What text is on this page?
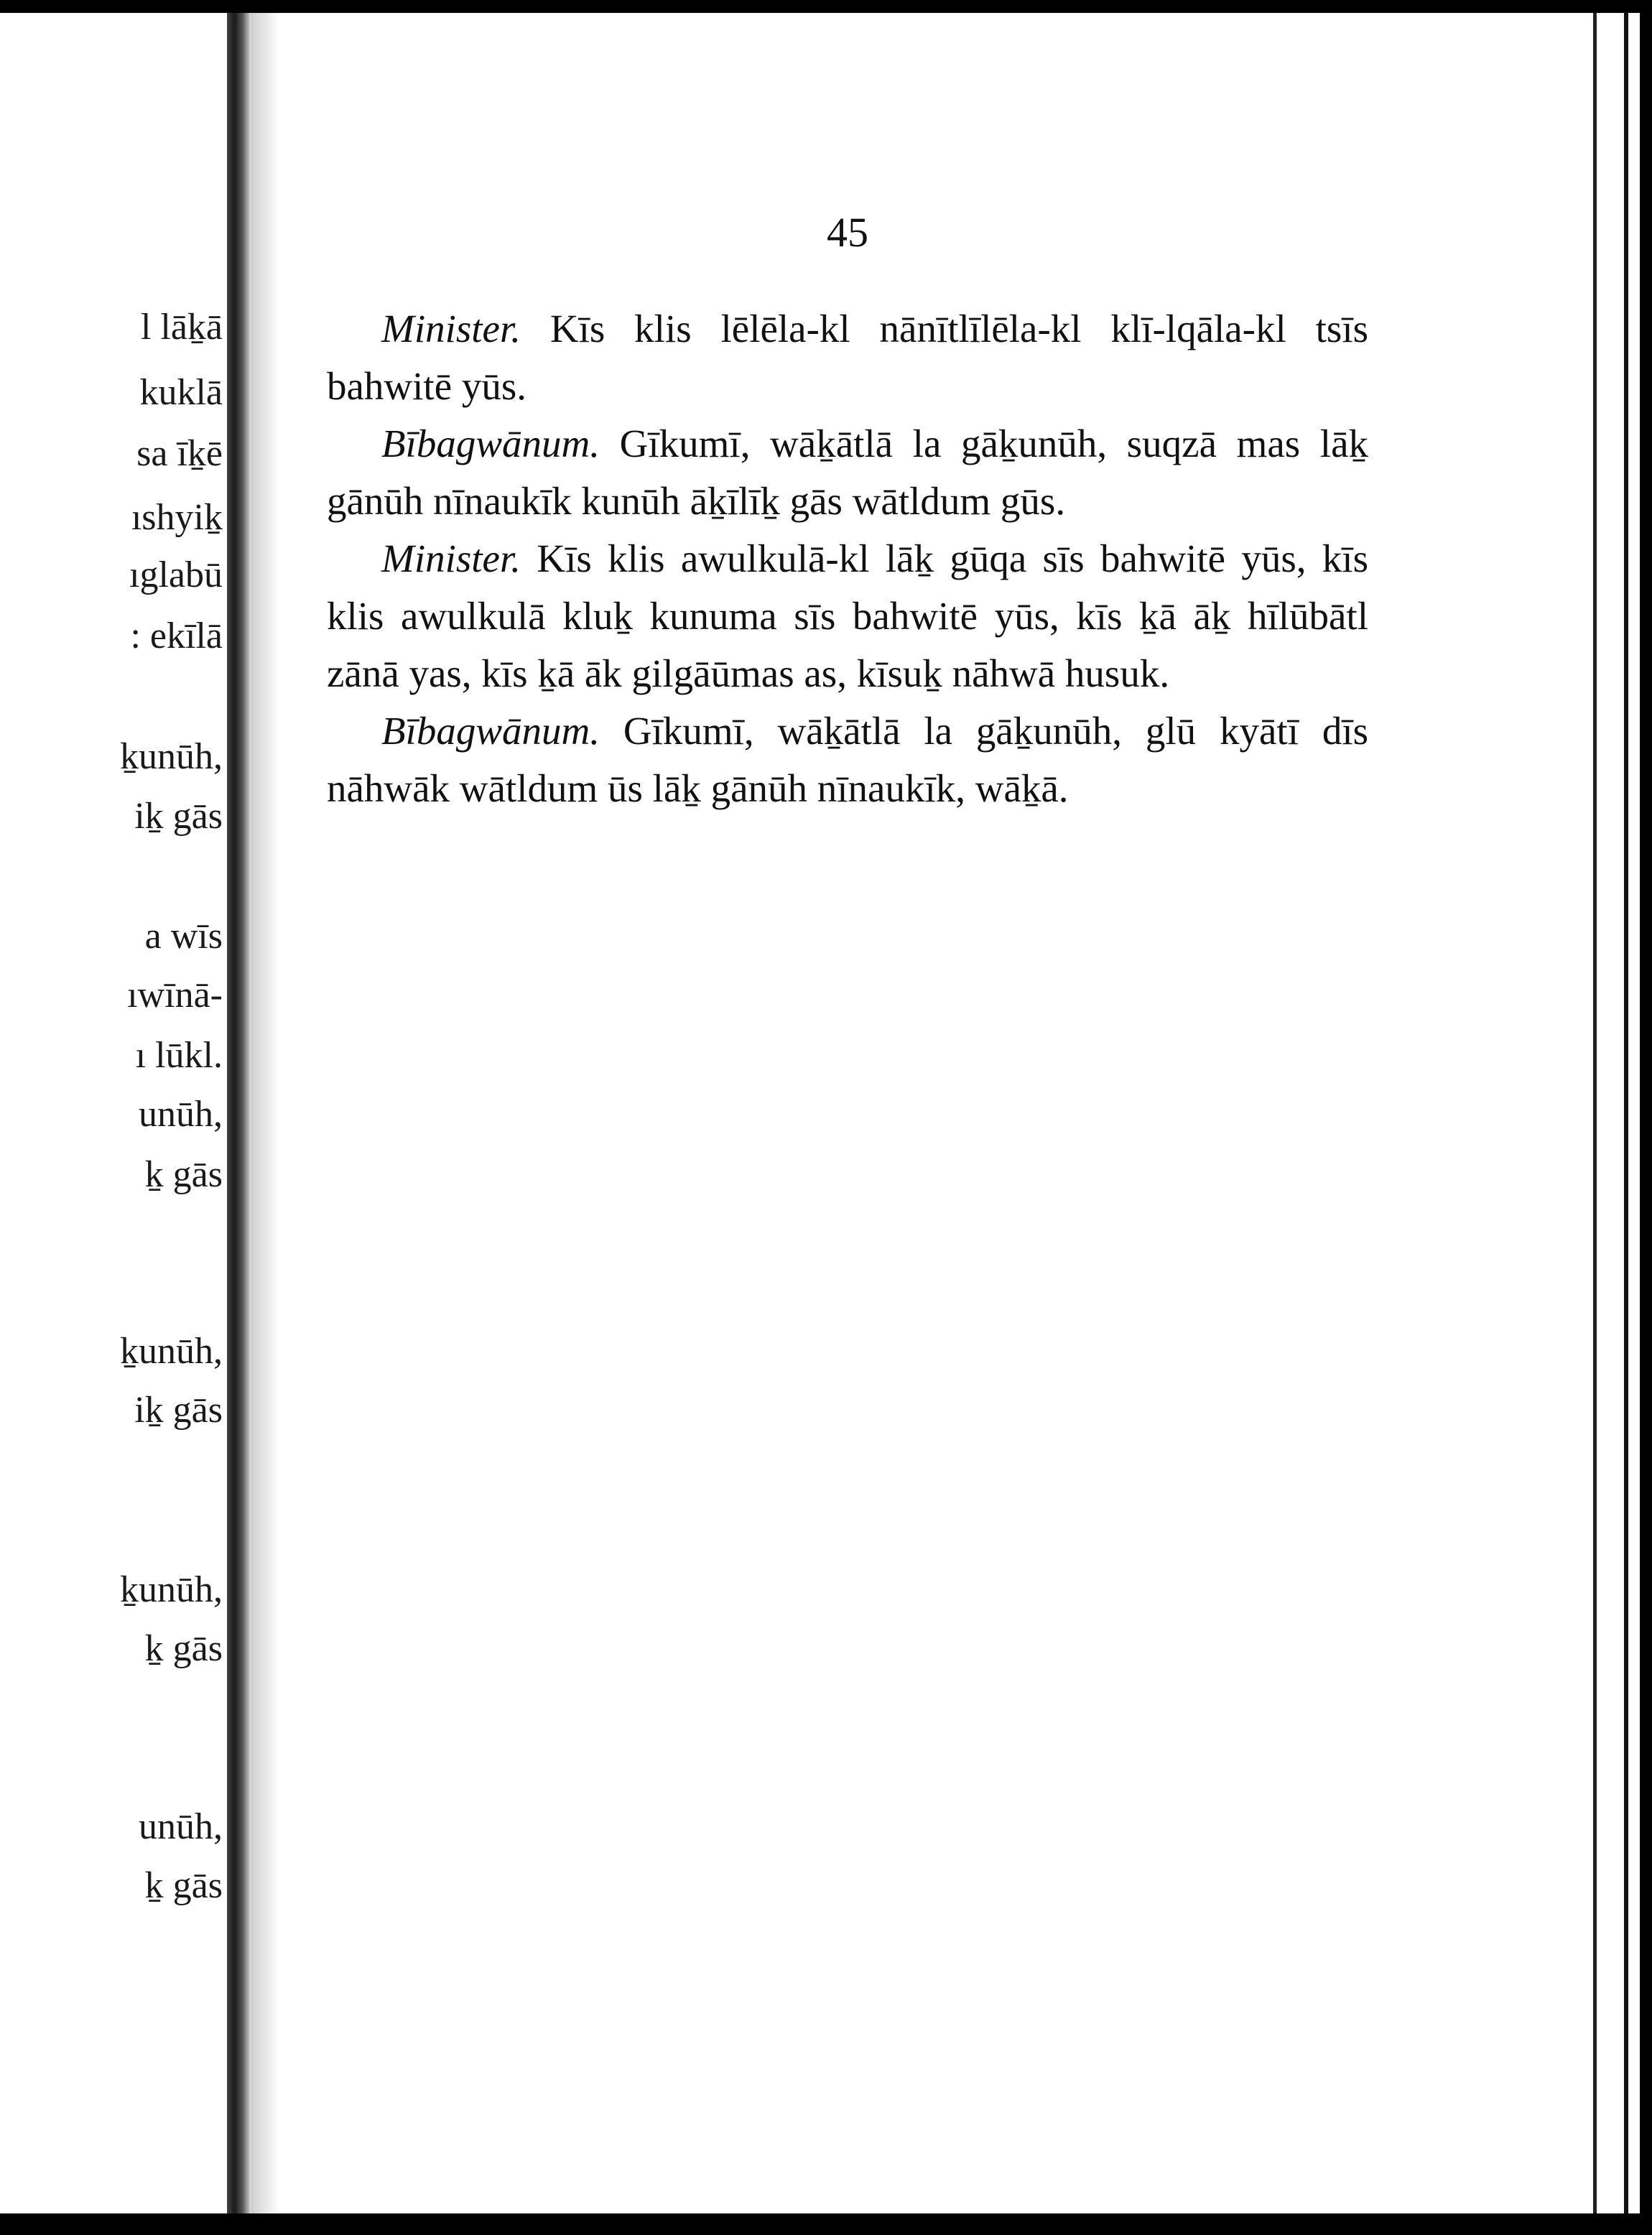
l lāḵā
kuklā
sa īḵē
ıshyiḵ
ıglabū
: ekīlā
ḵunūh,
iḵ gās
a wīs
ıwīnā-
ı lūkl.
unūh,
ḵ gās
ḵunūh,
iḵ gās
ḵunūh,
ḵ gās
unūh,
ḵ gās
45

Minister. Kīs klis lēlēla-kl nānītlīlēla-kl klī-lqāla-kl tsīs bahwitē yūs.

Bībagwānum. Gīkumī, wāḵātlā la gāḵunūh, suqzā mas lāḵ gānūh nīnaukīk kunūh āḵīlīḵ gās wātldum gūs.

Minister. Kīs klis awulkulā-kl lāḵ gūqa sīs bahwitē yūs, kīs klis awulkulā kluḵ kunuma sīs bahwitē yūs, kīs ḵā āḵ hīlūbātl zānā yas, kīs ḵā āk gilgāūmas as, kīsuḵ nāhwā husuk.

Bībagwānum. Gīkumī, wāḵātlā la gāḵunūh, glū kyātī dīs nāhwāk wātldum ūs lāḵ gānūh nīnaukīk, wāḵā.
